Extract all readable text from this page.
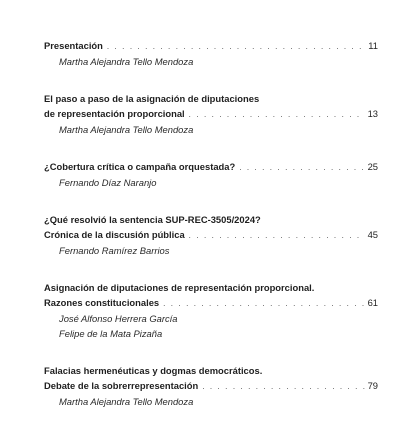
Presentación . . .	11
Martha Alejandra Tello Mendoza
El paso a paso de la asignación de diputaciones
de representación proporcional . . .	13
Martha Alejandra Tello Mendoza
¿Cobertura crítica o campaña orquestada? . . .	25
Fernando Díaz Naranjo
¿Qué resolvió la sentencia SUP-REC-3505/2024?
Crónica de la discusión pública . . .	45
Fernando Ramírez Barrios
Asignación de diputaciones de representación proporcional.
Razones constitucionales . . .	61
José Alfonso Herrera García
Felipe de la Mata Pizaña
Falacias hermenéuticas y dogmas democráticos.
Debate de la sobrerrepresentación . . .	79
Martha Alejandra Tello Mendoza
